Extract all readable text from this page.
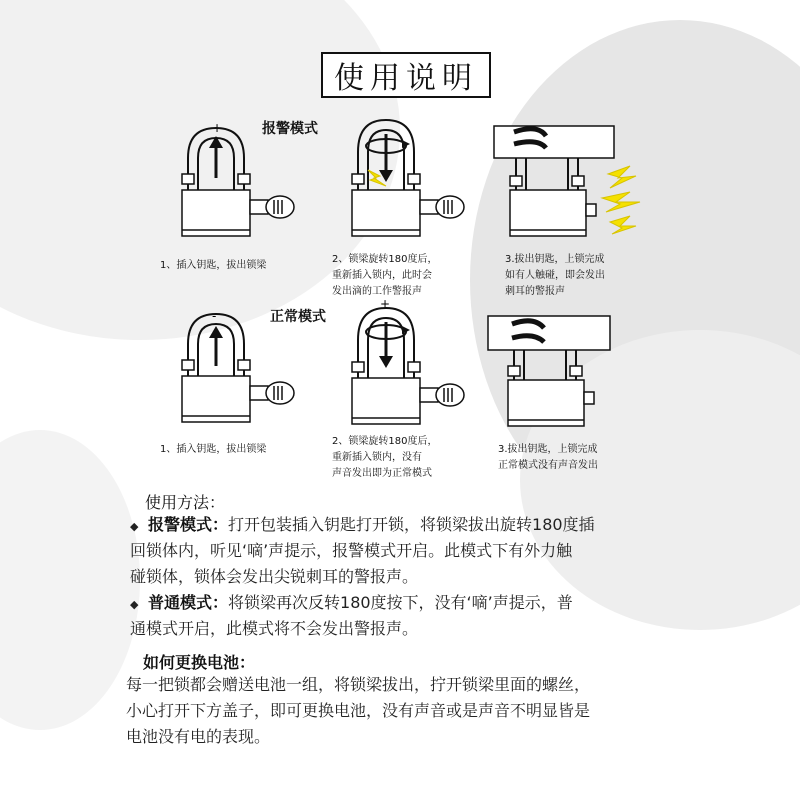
使用说明
报警模式
+
1、插入钥匙，拔出锁梁
2、锁梁旋转180度后，
重新插入锁内，此时会
发出滴的工作警报声
3.拔出钥匙，上锁完成
如有人触碰，即会发出
刺耳的警报声
正常模式
-
+
1、插入钥匙，拔出锁梁
2、锁梁旋转180度后，
重新插入锁内，没有
声音发出即为正常模式
3.拔出钥匙，上锁完成
正常模式没有声音发出
使用方法：
◆ 报警模式：打开包装插入钥匙打开锁，将锁梁拔出旋转180度插
回锁体内，听见‘嘀’声提示，报警模式开启。此模式下有外力触
碰锁体，锁体会发出尖锐刺耳的警报声。
◆ 普通模式：将锁梁再次反转180度按下，没有‘嘀’声提示，普
通模式开启，此模式将不会发出警报声。
如何更换电池：
每一把锁都会赠送电池一组，将锁梁拔出，拧开锁梁里面的螺丝，
小心打开下方盖子，即可更换电池，没有声音或是声音不明显皆是
电池没有电的表现。
